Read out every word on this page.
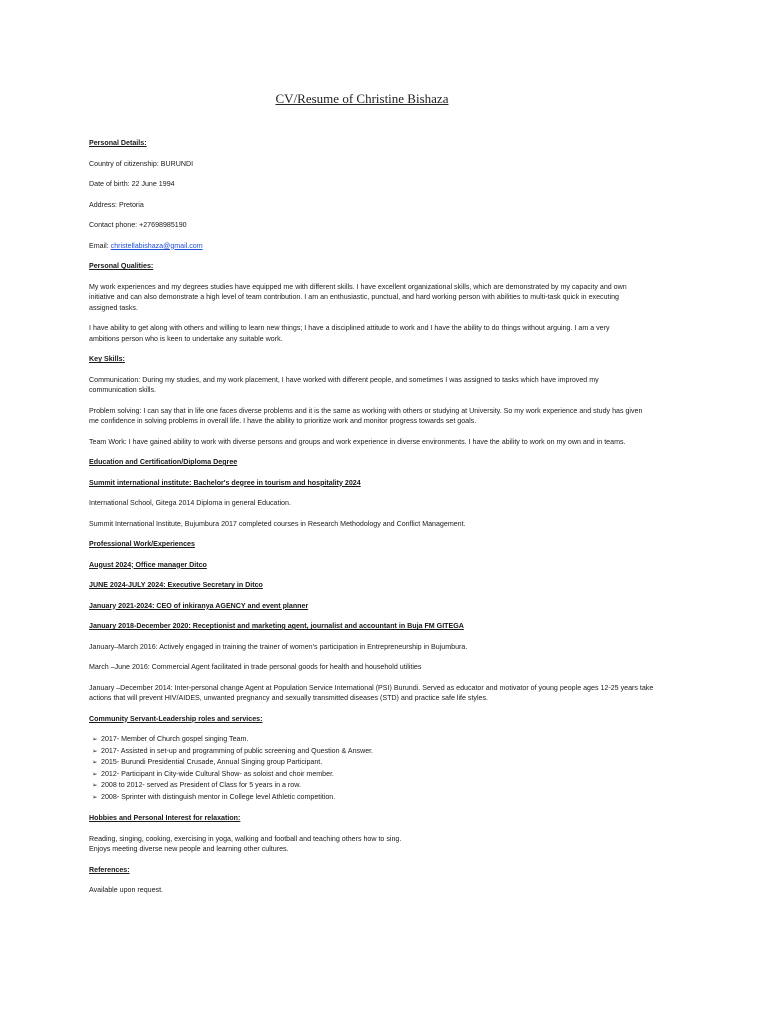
CV/Resume of Christine Bishaza

Personal Details:

Country of citizenship: BURUNDI

Date of birth: 22 June 1994

Address: Pretoria

Contact phone: +27698985190

Email: christellabishaza@gmail.com

Personal Qualities:

My work experiences and my degrees studies have equipped me with different skills. I have excellent organizational skills, which are demonstrated by my capacity and own

initiative and can also demonstrate a high level of team contribution. I am an enthusiastic, punctual, and hard working person with abilities to multi-task quick in executing

assigned tasks.

I have ability to get along with others and willing to learn new things; I have a disciplined attitude to work and I have the ability to do things without arguing. I am a very

ambitions person who is keen to undertake any suitable work.

Key Skills:

Communication: During my studies, and my work placement, I have worked with different people, and sometimes I was assigned to tasks which have improved my

communication skills.

Problem solving: I can say that in life one faces diverse problems and it is the same as working with others or studying at University. So my work experience and study has given

me confidence in solving problems in overall life. I have the ability to prioritize work and monitor progress towards set goals.

Team Work: I have gained ability to work with diverse persons and groups and work experience in diverse environments. I have the ability to work on my own and in teams.

Education and Certification/Diploma Degree

Summit international institute: Bachelor's degree in tourism and hospitality 2024

International School, Gitega 2014 Diploma in general Education.

Summit International Institute, Bujumbura 2017 completed courses in Research Methodology and Conflict Management.

Professional Work/Experiences

August 2024; Office manager Ditco

JUNE 2024-JULY 2024: Executive Secretary in Ditco

January 2021-2024: CEO of inkiranya AGENCY and event planner

January 2018-December 2020: Receptionist and marketing agent, journalist and accountant in Buja FM GITEGA

January–March 2016: Actively engaged in training the trainer of women's participation in Entrepreneurship in Bujumbura.

March –June 2016: Commercial Agent facilitated in trade personal goods for health and household utilities

January –December 2014: Inter-personal change Agent at Population Service International (PSI) Burundi. Served as educator and motivator of young people ages 12-25 years take

actions that will prevent HIV/AIDES, unwanted pregnancy and sexually transmitted diseases (STD) and practice safe life styles.

Community Servant-Leadership roles and services:

➢ 2017- Member of Church gospel singing Team.
➢ 2017- Assisted in set-up and programming of public screening and Question & Answer.
➢ 2015- Burundi Presidential Crusade, Annual Singing group Participant.
➢ 2012- Participant in City-wide Cultural Show- as soloist and choir member.
➢ 2008 to 2012- served as President of Class for 5 years in a row.
➢ 2008- Sprinter with distinguish mentor in College level Athletic competition.

Hobbies and Personal Interest for relaxation:

Reading, singing, cooking, exercising in yoga, walking and football and teaching others how to sing.

Enjoys meeting diverse new people and learning other cultures.

References:

Available upon request.
